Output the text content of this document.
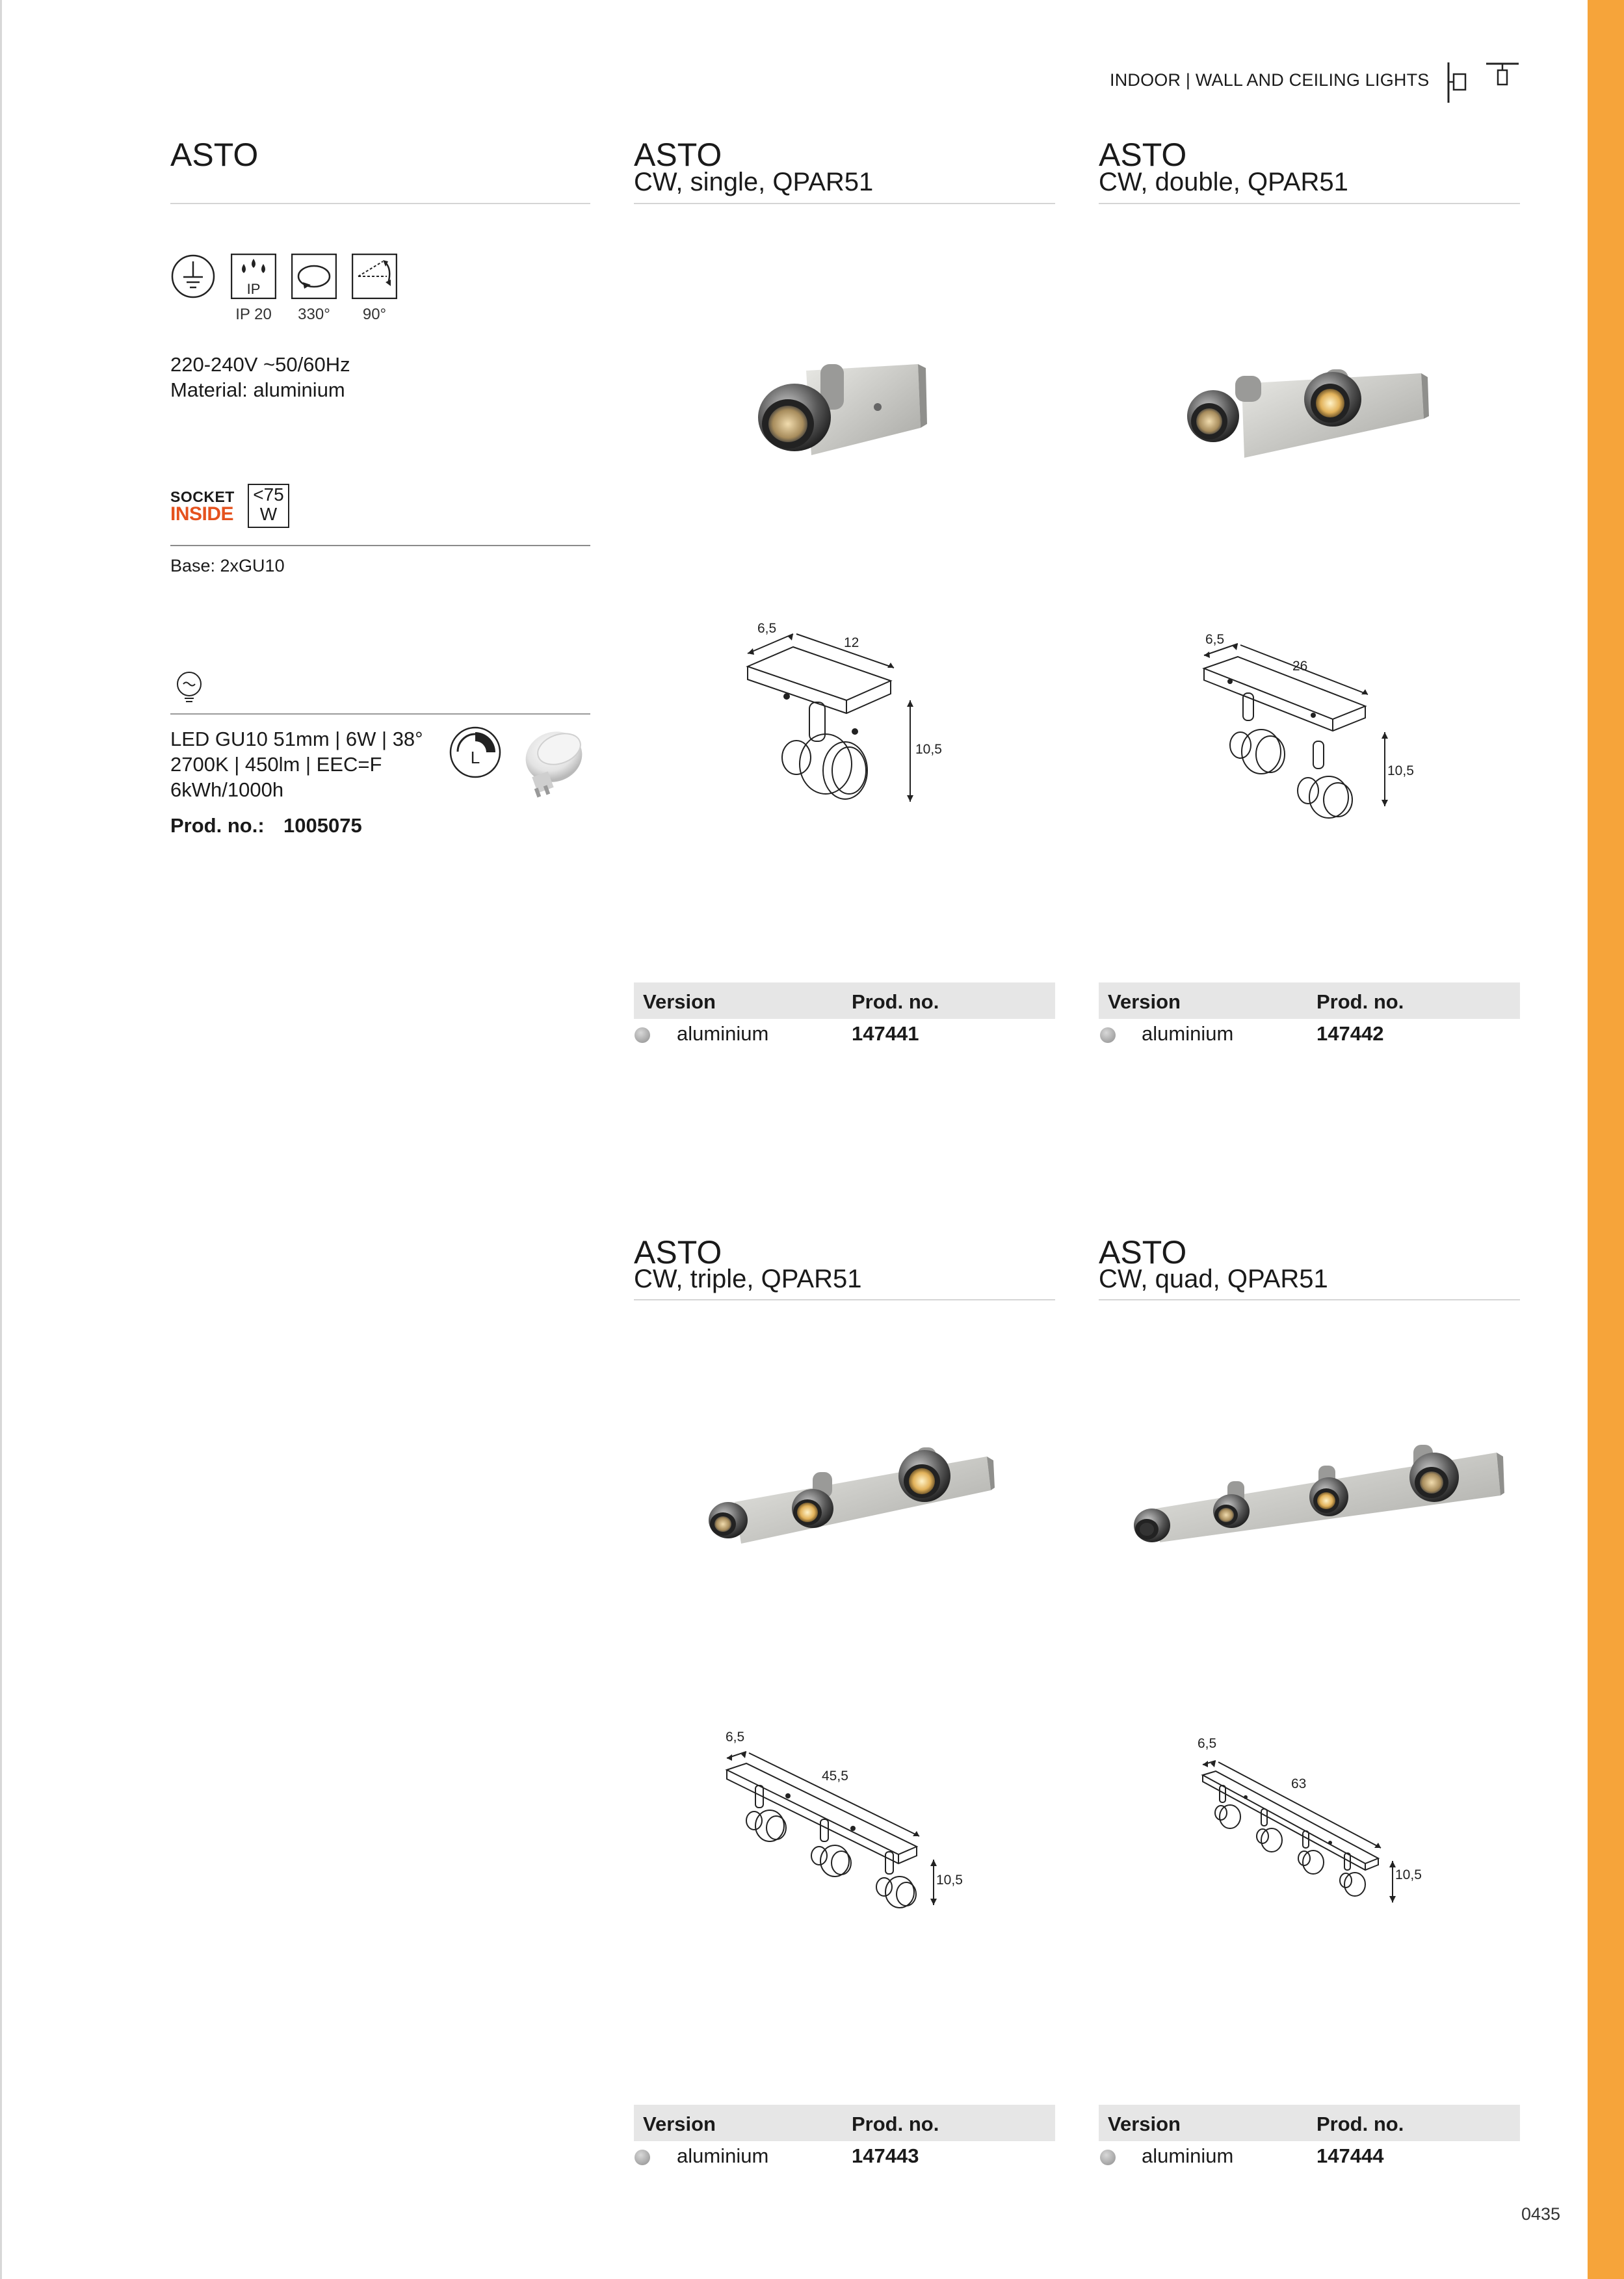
INDOOR | WALL AND CEILING LIGHTS
ASTO
IP
IP 20	330°	90°
220-240V ~50/60Hz
Material: aluminium
SOCKET
INSIDE
<75
W
Base: 2xGU10
LED GU10 51mm | 6W | 38°
2700K | 450lm | EEC=F
6kWh/1000h
L
Prod. no.: 1005075
ASTO
CW, single, QPAR51
6,5
12
10,5
Version	Prod. no.
aluminium	147441
ASTO
CW, double, QPAR51
6,5
26
10,5
Version	Prod. no.
aluminium	147442
ASTO
CW, triple, QPAR51
6,5
45,5
10,5
Version	Prod. no.
aluminium	147443
ASTO
CW, quad, QPAR51
6,5
63
10,5
Version	Prod. no.
aluminium	147444
0435
